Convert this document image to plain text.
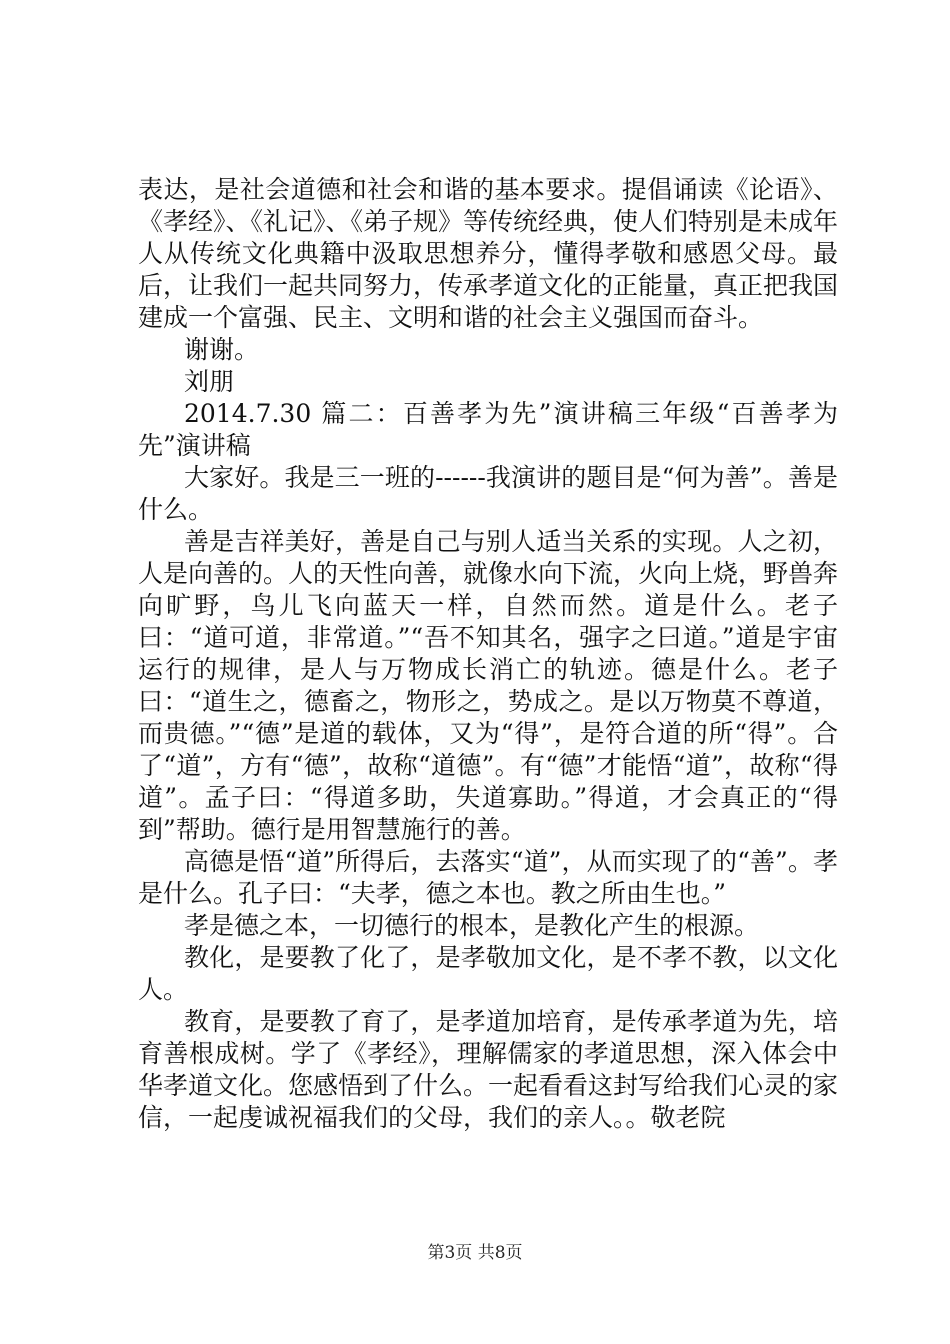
表达，是社会道德和社会和谐的基本要求。提倡诵读《论语》、《孝经》、《礼记》、《弟子规》等传统经典，使人们特别是未成年人从传统文化典籍中汲取思想养分，懂得孝敬和感恩父母。最后，让我们一起共同努力，传承孝道文化的正能量，真正把我国建成一个富强、民主、文明和谐的社会主义强国而奋斗。

谢谢。

刘朋

2014.7.30 篇二：百善孝为先”演讲稿三年级“百善孝为先”演讲稿

大家好。我是三一班的------我演讲的题目是“何为善”。善是什么。

善是吉祥美好，善是自己与别人适当关系的实现。人之初，人是向善的。人的天性向善，就像水向下流，火向上烧，野兽奔向旷野，鸟儿飞向蓝天一样，自然而然。道是什么。老子曰：“道可道，非常道。”“吾不知其名，强字之曰道。”道是宇宙运行的规律，是人与万物成长消亡的轨迹。德是什么。老子曰：“道生之，德畜之，物形之，势成之。是以万物莫不尊道，而贵德。”“德”是道的载体，又为“得”，是符合道的所“得”。合了“道”，方有“德”，故称“道德”。有“德”才能悟“道”，故称“得道”。孟子曰：“得道多助，失道寡助。”得道，才会真正的“得到”帮助。德行是用智慧施行的善。

高德是悟“道”所得后，去落实“道”，从而实现了的“善”。孝是什么。孔子曰：“夫孝，德之本也。教之所由生也。”

孝是德之本，一切德行的根本，是教化产生的根源。

教化，是要教了化了，是孝敬加文化，是不孝不教，以文化人。

教育，是要教了育了，是孝道加培育，是传承孝道为先，培育善根成树。学了《孝经》，理解儒家的孝道思想，深入体会中华孝道文化。您感悟到了什么。一起看看这封写给我们心灵的家信，一起虔诚祝福我们的父母，我们的亲人。。敬老院

第3页 共8页
